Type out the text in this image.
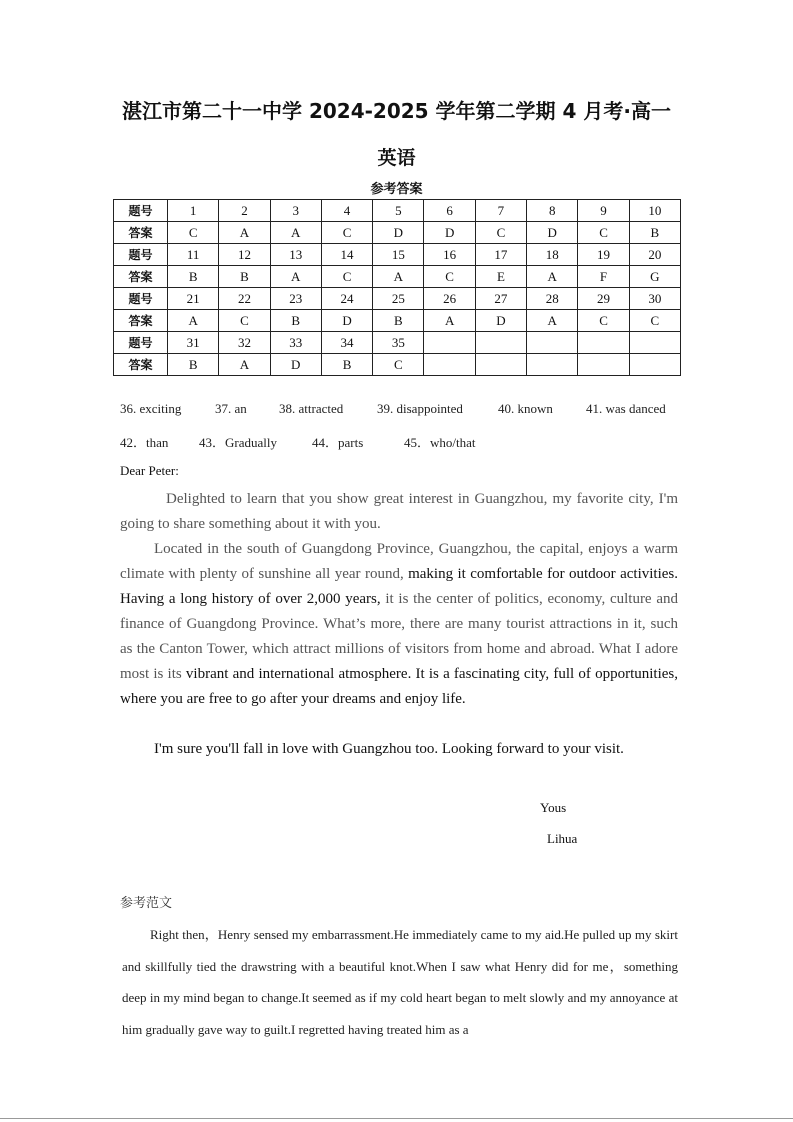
湛江市第二十一中学 2024-2025 学年第二学期 4 月考·高一
英语
参考答案
题号	1	2	3	4	5	6	7	8	9	10
答案	C	A	A	C	D	D	C	D	C	B
题号	11	12	13	14	15	16	17	18	19	20
答案	B	B	A	C	A	C	E	A	F	G
题号	21	22	23	24	25	26	27	28	29	30
答案	A	C	B	D	B	A	D	A	C	C
题号	31	32	33	34	35					
答案	B	A	D	B	C					
36. exciting	37. an 38. attracted	39. disappointed	40. known	41. was danced
42．than 43．Gradually	44．parts	45．who/that
Dear Peter:
Delighted to learn that you show great interest in Guangzhou, my favorite city, I'm going to share something about it with you.
Located in the south of Guangdong Province, Guangzhou, the capital, enjoys a warm climate with plenty of sunshine all year round, making it comfortable for outdoor activities. Having a long history of over 2,000 years, it is the center of politics, economy, culture and finance of Guangdong Province. What’s more, there are many tourist attractions in it, such as the Canton Tower, which attract millions of visitors from home and abroad. What I adore most is its vibrant and international atmosphere. It is a fascinating city, full of opportunities, where you are free to go after your dreams and enjoy life.
I'm sure you'll fall in love with Guangzhou too. Looking forward to your visit.
Yous
Lihua
参考范文
Right then，Henry sensed my embarrassment.He immediately came to my aid.He pulled up my skirt and skillfully tied the drawstring with a beautiful knot.When I saw what Henry did for me，something deep in my mind began to change.It seemed as if my cold heart began to melt slowly and my annoyance at him gradually gave way to guilt.I regretted having treated him as a
